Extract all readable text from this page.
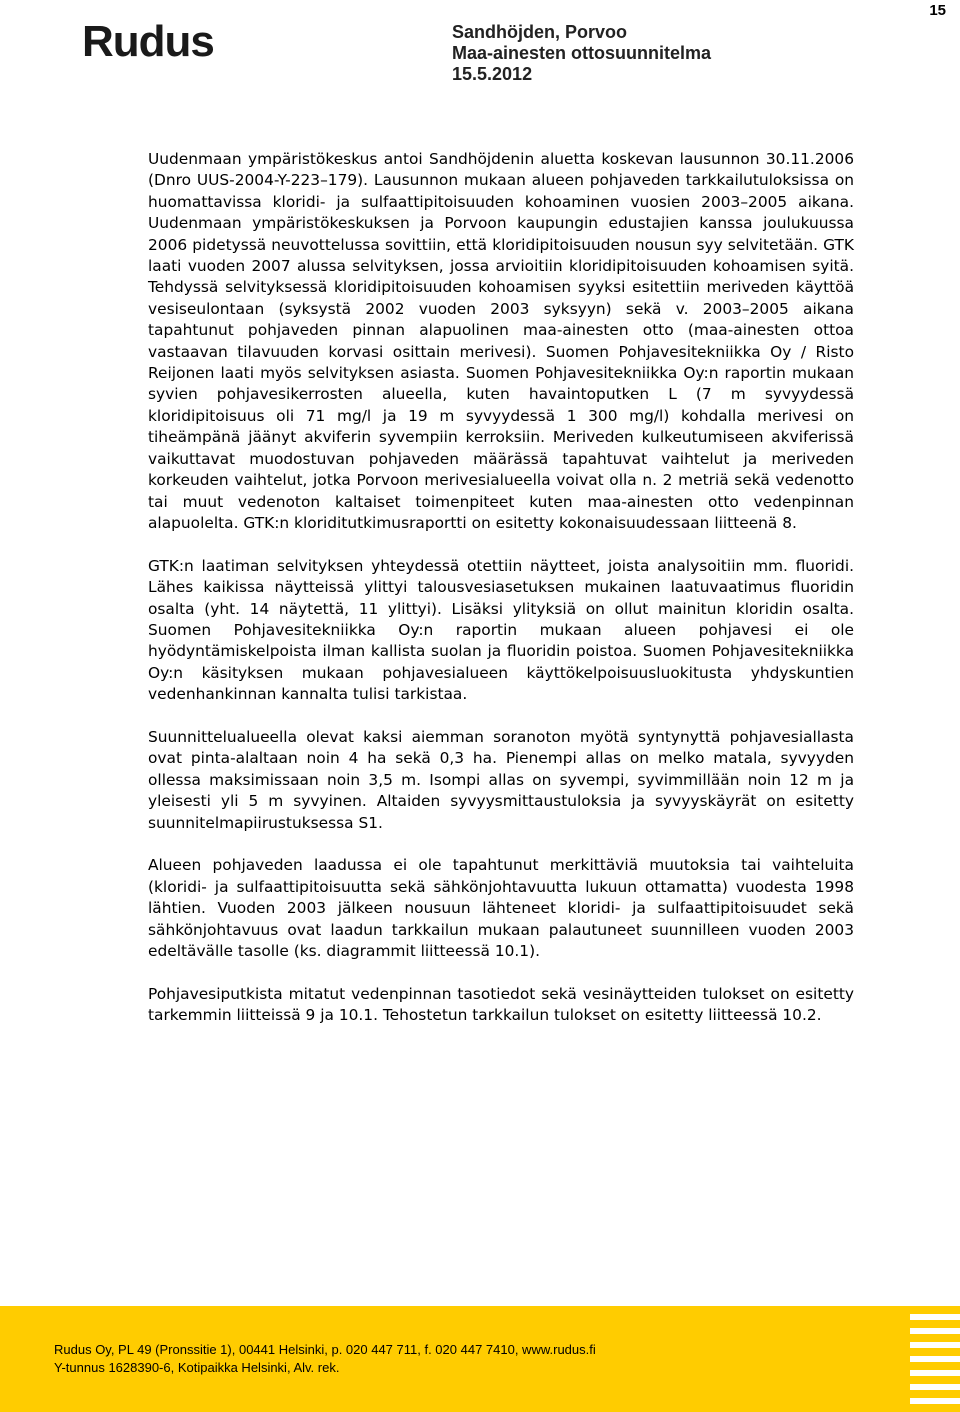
15
Rudus	Sandhöjden, Porvoo
Maa-ainesten ottosuunnitelma
15.5.2012

Uudenmaan ympäristökeskus antoi Sandhöjdenin aluetta koskevan lausunnon 30.11.2006 (Dnro UUS-2004-Y-223–179). Lausunnon mukaan alueen pohjaveden tarkkailutuloksissa on huomattavissa kloridi- ja sulfaattipitoisuuden kohoaminen vuosien 2003–2005 aikana. Uudenmaan ympäristökeskuksen ja Porvoon kaupungin edustajien kanssa joulukuussa 2006 pidetyssä neuvottelussa sovittiin, että kloridipitoisuuden nousun syy selvitetään. GTK laati vuoden 2007 alussa selvityksen, jossa arvioitiin kloridipitoisuuden kohoamisen syitä. Tehdyssä selvityksessä kloridipitoisuuden kohoamisen syyksi esitettiin meriveden käyttöä vesiseulontaan (syksystä 2002 vuoden 2003 syksyyn) sekä v. 2003–2005 aikana tapahtunut pohjaveden pinnan alapuolinen maa-ainesten otto (maa-ainesten ottoa vastaavan tilavuuden korvasi osittain merivesi). Suomen Pohjavesitekniikka Oy / Risto Reijonen laati myös selvityksen asiasta. Suomen Pohjavesitekniikka Oy:n raportin mukaan syvien pohjavesikerrosten alueella, kuten havaintoputken L (7 m syvyydessä kloridipitoisuus oli 71 mg/l ja 19 m syvyydessä 1 300 mg/l) kohdalla merivesi on tiheämpänä jäänyt akviferin syvempiin kerroksiin. Meriveden kulkeutumiseen akviferissä vaikuttavat muodostuvan pohjaveden määrässä tapahtuvat vaihtelut ja meriveden korkeuden vaihtelut, jotka Porvoon merivesialueella voivat olla n. 2 metriä sekä vedenotto tai muut vedenoton kaltaiset toimenpiteet kuten maa-ainesten otto vedenpinnan alapuolelta. GTK:n kloriditutkimusraportti on esitetty kokonaisuudessaan liitteenä 8.

GTK:n laatiman selvityksen yhteydessä otettiin näytteet, joista analysoitiin mm. fluoridi. Lähes kaikissa näytteissä ylittyi talousvesiasetuksen mukainen laatuvaatimus fluoridin osalta (yht. 14 näytettä, 11 ylittyi). Lisäksi ylityksiä on ollut mainitun kloridin osalta. Suomen Pohjavesitekniikka Oy:n raportin mukaan alueen pohjavesi ei ole hyödyntämiskelpoista ilman kallista suolan ja fluoridin poistoa. Suomen Pohjavesitekniikka Oy:n käsityksen mukaan pohjavesialueen käyttökelpoisuusluokitusta yhdyskuntien vedenhankinnan kannalta tulisi tarkistaa.

Suunnittelualueella olevat kaksi aiemman soranoton myötä syntynyttä pohjavesiallasta ovat pinta-alaltaan noin 4 ha sekä 0,3 ha. Pienempi allas on melko matala, syvyyden ollessa maksimissaan noin 3,5 m. Isompi allas on syvempi, syvimmillään noin 12 m ja yleisesti yli 5 m syvyinen. Altaiden syvyysmittaustuloksia ja syvyyskäyrät on esitetty suunnitelmapiirustuksessa S1.

Alueen pohjaveden laadussa ei ole tapahtunut merkittäviä muutoksia tai vaihteluita (kloridi- ja sulfaattipitoisuutta sekä sähkönjohtavuutta lukuun ottamatta) vuodesta 1998 lähtien. Vuoden 2003 jälkeen nousuun lähteneet kloridi- ja sulfaattipitoisuudet sekä sähkönjohtavuus ovat laadun tarkkailun mukaan palautuneet suunnilleen vuoden 2003 edeltävälle tasolle (ks. diagrammit liitteessä 10.1).

Pohjavesiputkista mitatut vedenpinnan tasotiedot sekä vesinäytteiden tulokset on esitetty tarkemmin liitteissä 9 ja 10.1. Tehostetun tarkkailun tulokset on esitetty liitteessä 10.2.

Rudus Oy, PL 49 (Pronssitie 1), 00441 Helsinki, p. 020 447 711, f. 020 447 7410, www.rudus.fi
Y-tunnus 1628390-6, Kotipaikka Helsinki, Alv. rek.
